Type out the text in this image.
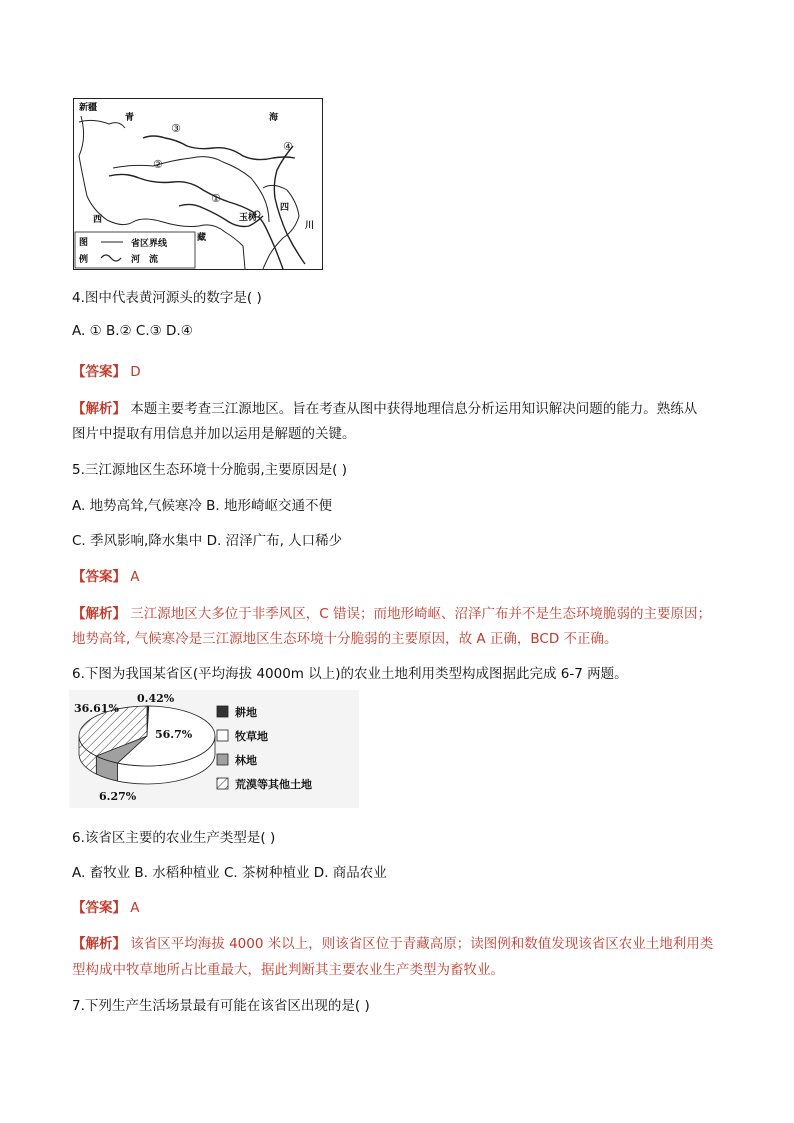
新疆
青	海
西
藏
四
川
玉树
①
②
③
④
图
例
省区界线
河　流
4.图中代表黄河源头的数字是( )
A. ① B.② C.③ D.④
【答案】 D
【解析】 本题主要考查三江源地区。旨在考查从图中获得地理信息分析运用知识解决问题的能力。熟练从
图片中提取有用信息并加以运用是解题的关键。
5.三江源地区生态环境十分脆弱,主要原因是( )
A. 地势高耸,气候寒冷 B. 地形崎岖交通不便
C. 季风影响,降水集中 D. 沼泽广布, 人口稀少
【答案】 A
【解析】 三江源地区大多位于非季风区，C 错误；而地形崎岖、沼泽广布并不是生态环境脆弱的主要原因；
地势高耸, 气候寒冷是三江源地区生态环境十分脆弱的主要原因，故 A 正确，BCD 不正确。
6.下图为我国某省区(平均海拔 4000m 以上)的农业土地利用类型构成图据此完成 6-7 两题。
36.61%
0.42%
56.7%
6.27%
耕地
牧草地
林地
荒漠等其他土地
6.该省区主要的农业生产类型是( )
A. 畜牧业 B. 水稻种植业 C. 茶树种植业 D. 商品农业
【答案】 A
【解析】 该省区平均海拔 4000 米以上，则该省区位于青藏高原；读图例和数值发现该省区农业土地利用类
型构成中牧草地所占比重最大，据此判断其主要农业生产类型为畜牧业。
7.下列生产生活场景最有可能在该省区出现的是( )
